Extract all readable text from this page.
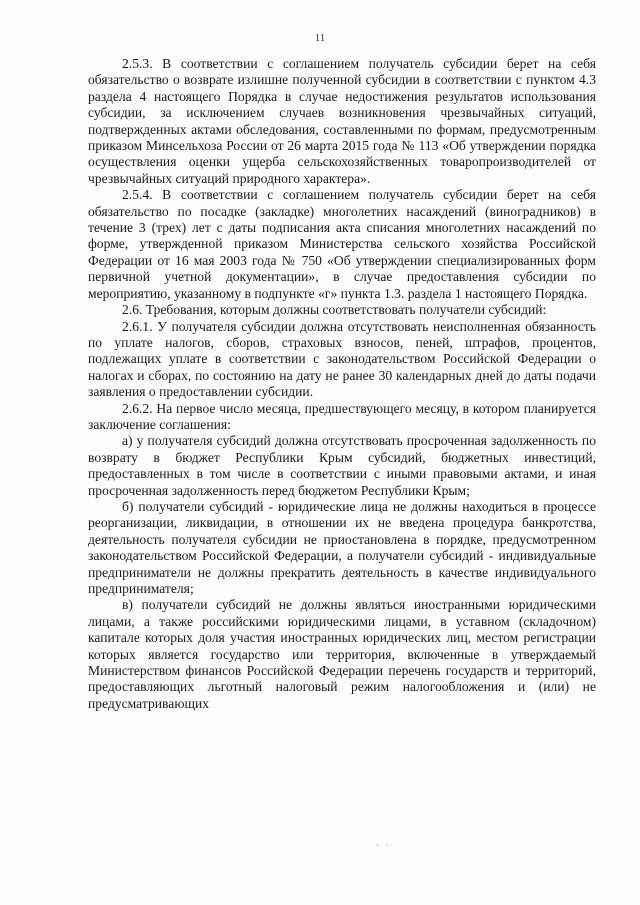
11

2.5.3. В соответствии с соглашением получатель субсидии берет на себя обязательство о возврате излишне полученной субсидии в соответствии с пунктом 4.3 раздела 4 настоящего Порядка в случае недостижения результатов использования субсидии, за исключением случаев возникновения чрезвычайных ситуаций, подтвержденных актами обследования, составленными по формам, предусмотренным приказом Минсельхоза России от 26 марта 2015 года № 113 «Об утверждении порядка осуществления оценки ущерба сельскохозяйственных товаропроизводителей от чрезвычайных ситуаций природного характера».

2.5.4. В соответствии с соглашением получатель субсидии берет на себя обязательство по посадке (закладке) многолетних насаждений (виноградников) в течение 3 (трех) лет с даты подписания акта списания многолетних насаждений по форме, утвержденной приказом Министерства сельского хозяйства Российской Федерации от 16 мая 2003 года № 750 «Об утверждении специализированных форм первичной учетной документации», в случае предоставления субсидии по мероприятию, указанному в подпункте «г» пункта 1.3. раздела 1 настоящего Порядка.

2.6. Требования, которым должны соответствовать получатели субсидий:

2.6.1. У получателя субсидии должна отсутствовать неисполненная обязанность по уплате налогов, сборов, страховых взносов, пеней, штрафов, процентов, подлежащих уплате в соответствии с законодательством Российской Федерации о налогах и сборах, по состоянию на дату не ранее 30 календарных дней до даты подачи заявления о предоставлении субсидии.

2.6.2. На первое число месяца, предшествующего месяцу, в котором планируется заключение соглашения:

а) у получателя субсидий должна отсутствовать просроченная задолженность по возврату в бюджет Республики Крым субсидий, бюджетных инвестиций, предоставленных в том числе в соответствии с иными правовыми актами, и иная просроченная задолженность перед бюджетом Республики Крым;

б) получатели субсидий - юридические лица не должны находиться в процессе реорганизации, ликвидации, в отношении их не введена процедура банкротства, деятельность получателя субсидии не приостановлена в порядке, предусмотренном законодательством Российской Федерации, а получатели субсидий - индивидуальные предприниматели не должны прекратить деятельность в качестве индивидуального предпринимателя;

в) получатели субсидий не должны являться иностранными юридическими лицами, а также российскими юридическими лицами, в уставном (складочном) капитале которых доля участия иностранных юридических лиц, местом регистрации которых является государство или территория, включенные в утверждаемый Министерством финансов Российской Федерации перечень государств и территорий, предоставляющих льготный налоговый режим налогообложения и (или) не предусматривающих

· ·
